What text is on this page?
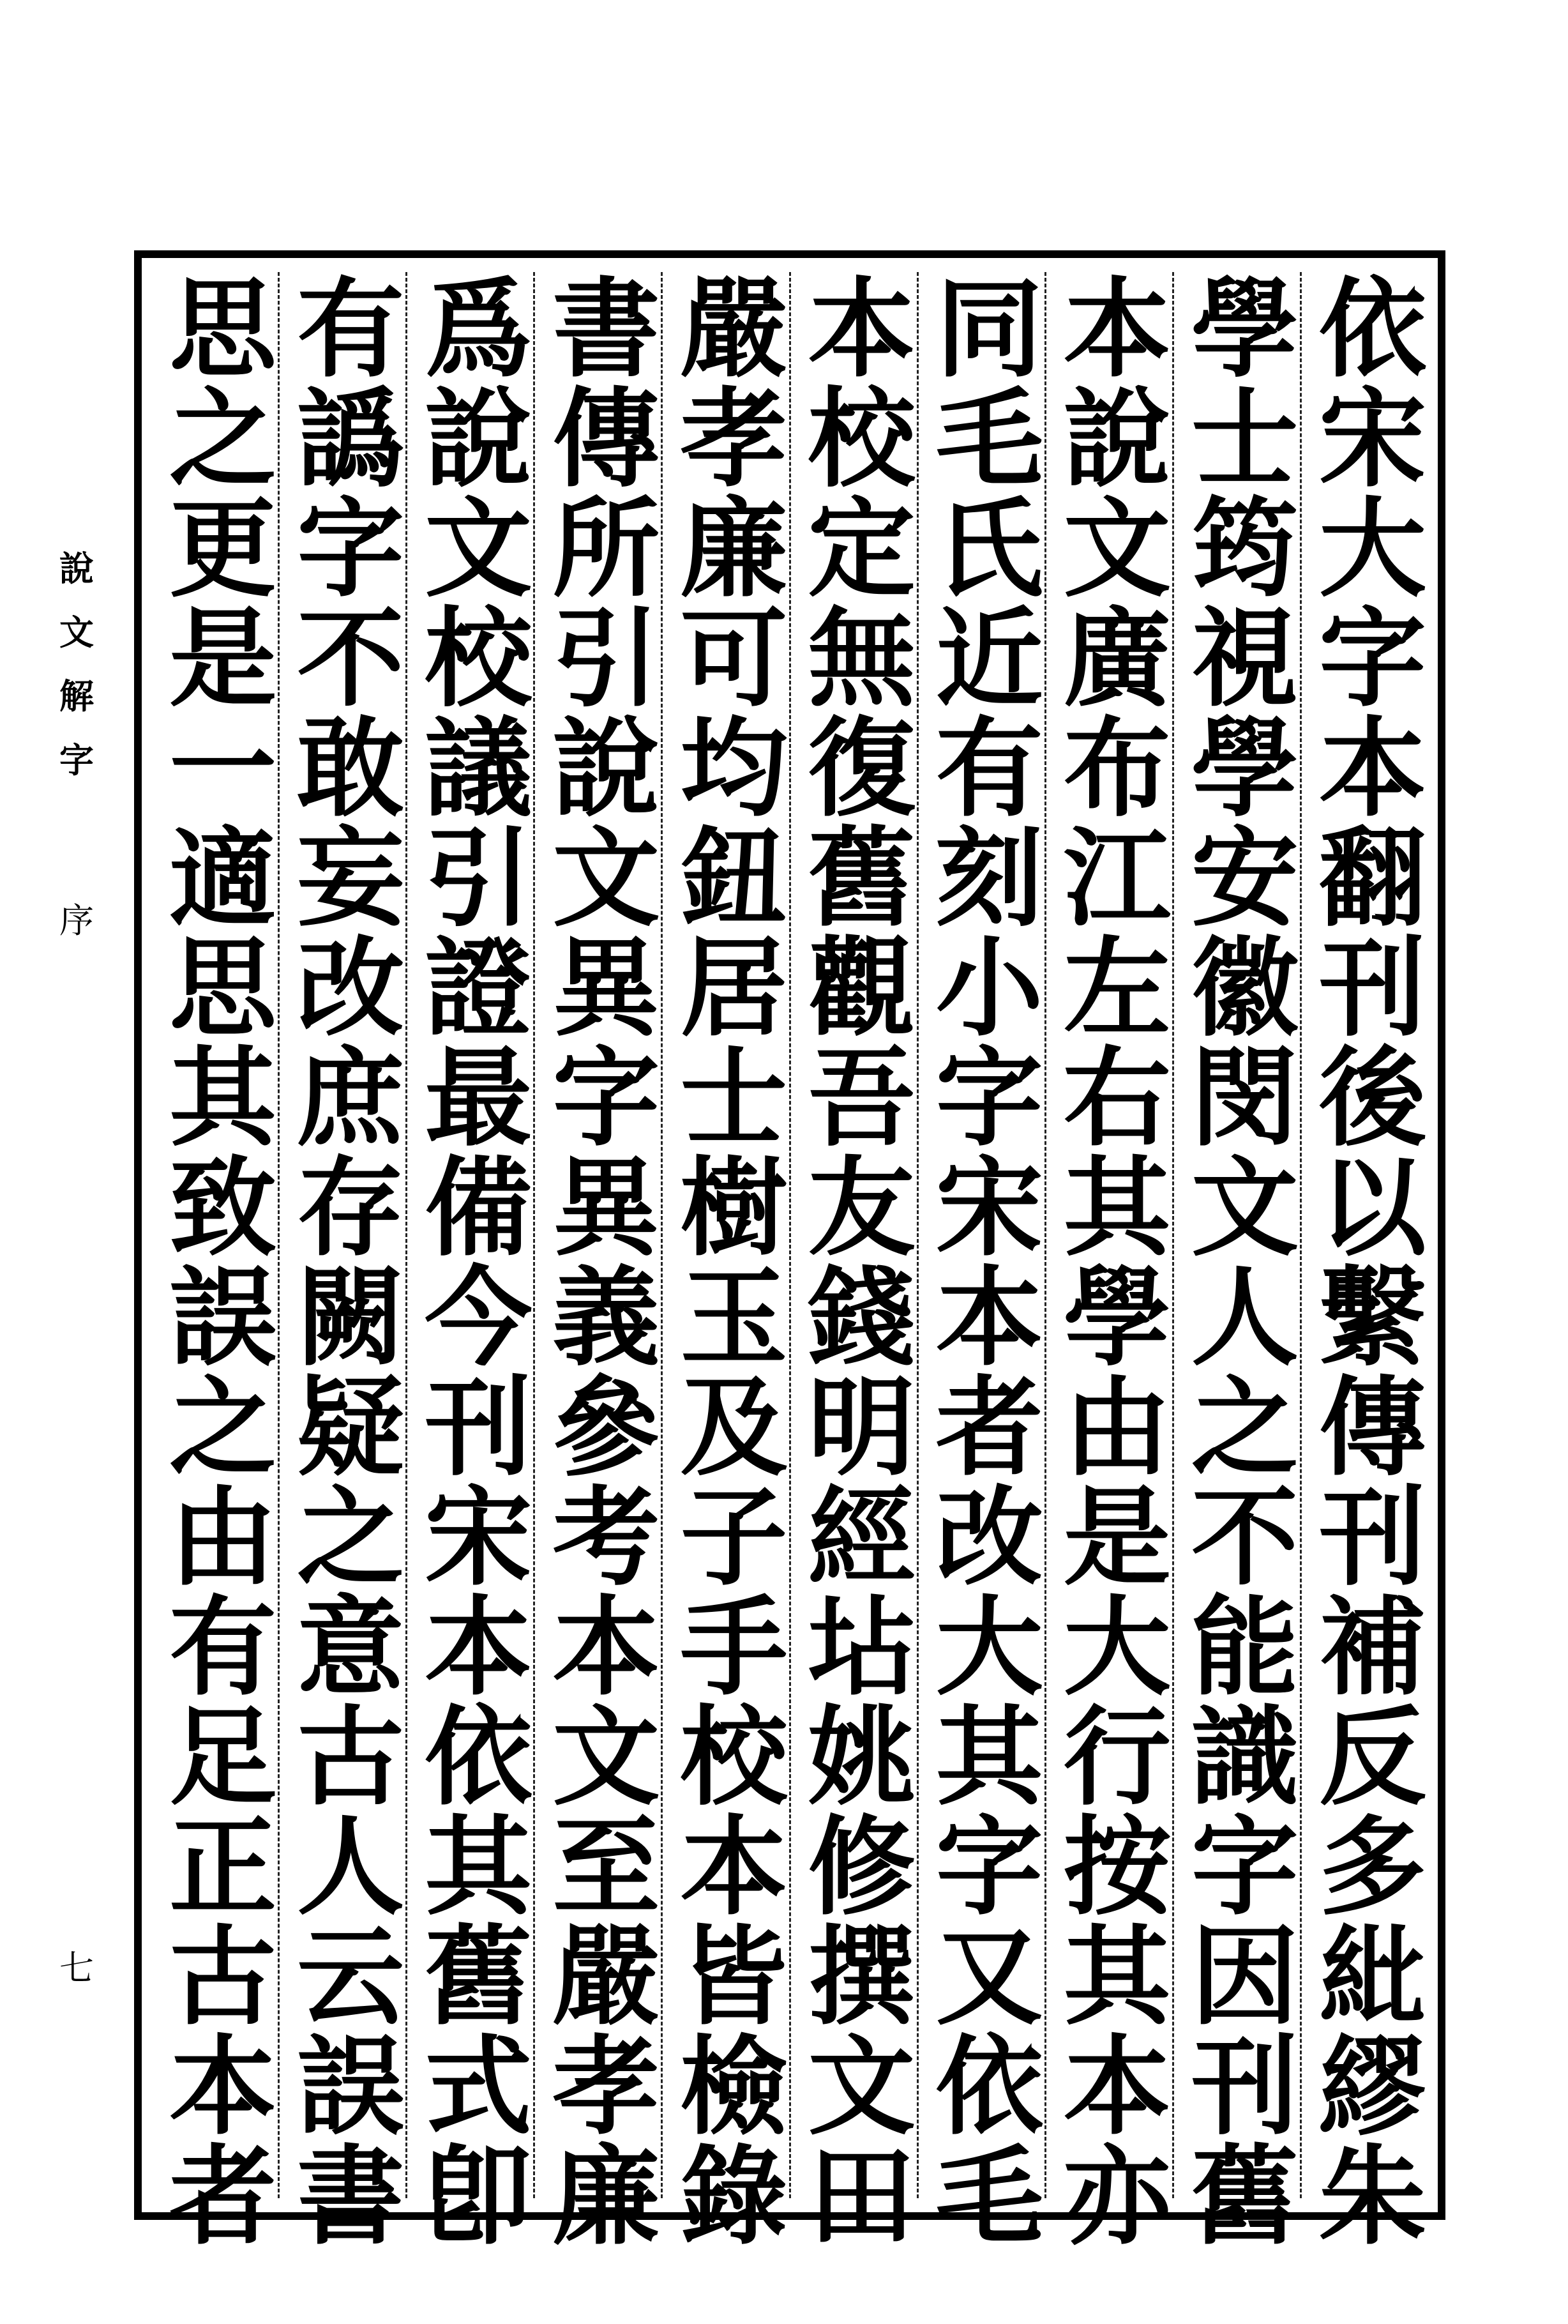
說
文
解
字
序
七	依宋大字本翻刊後以繫傳刊補反多紕繆朱
學士筠視學安徽閔文人之不能識字因刊舊
本說文廣布江左右其學由是大行按其本亦
同毛氏近有刻小字宋本者改大其字又依毛
本校定無復舊觀吾友錢明經坫姚修撰文田
嚴孝廉可均鈕居士樹玉及子手校本皆檢錄
書傳所引說文異字異義參考本文至嚴孝廉
爲說文校議引證最備今刊宋本依其舊式卽
有譌字不敢妄改庶存闕疑之意古人云誤書
思之更是一適思其致誤之由有足正古本者
